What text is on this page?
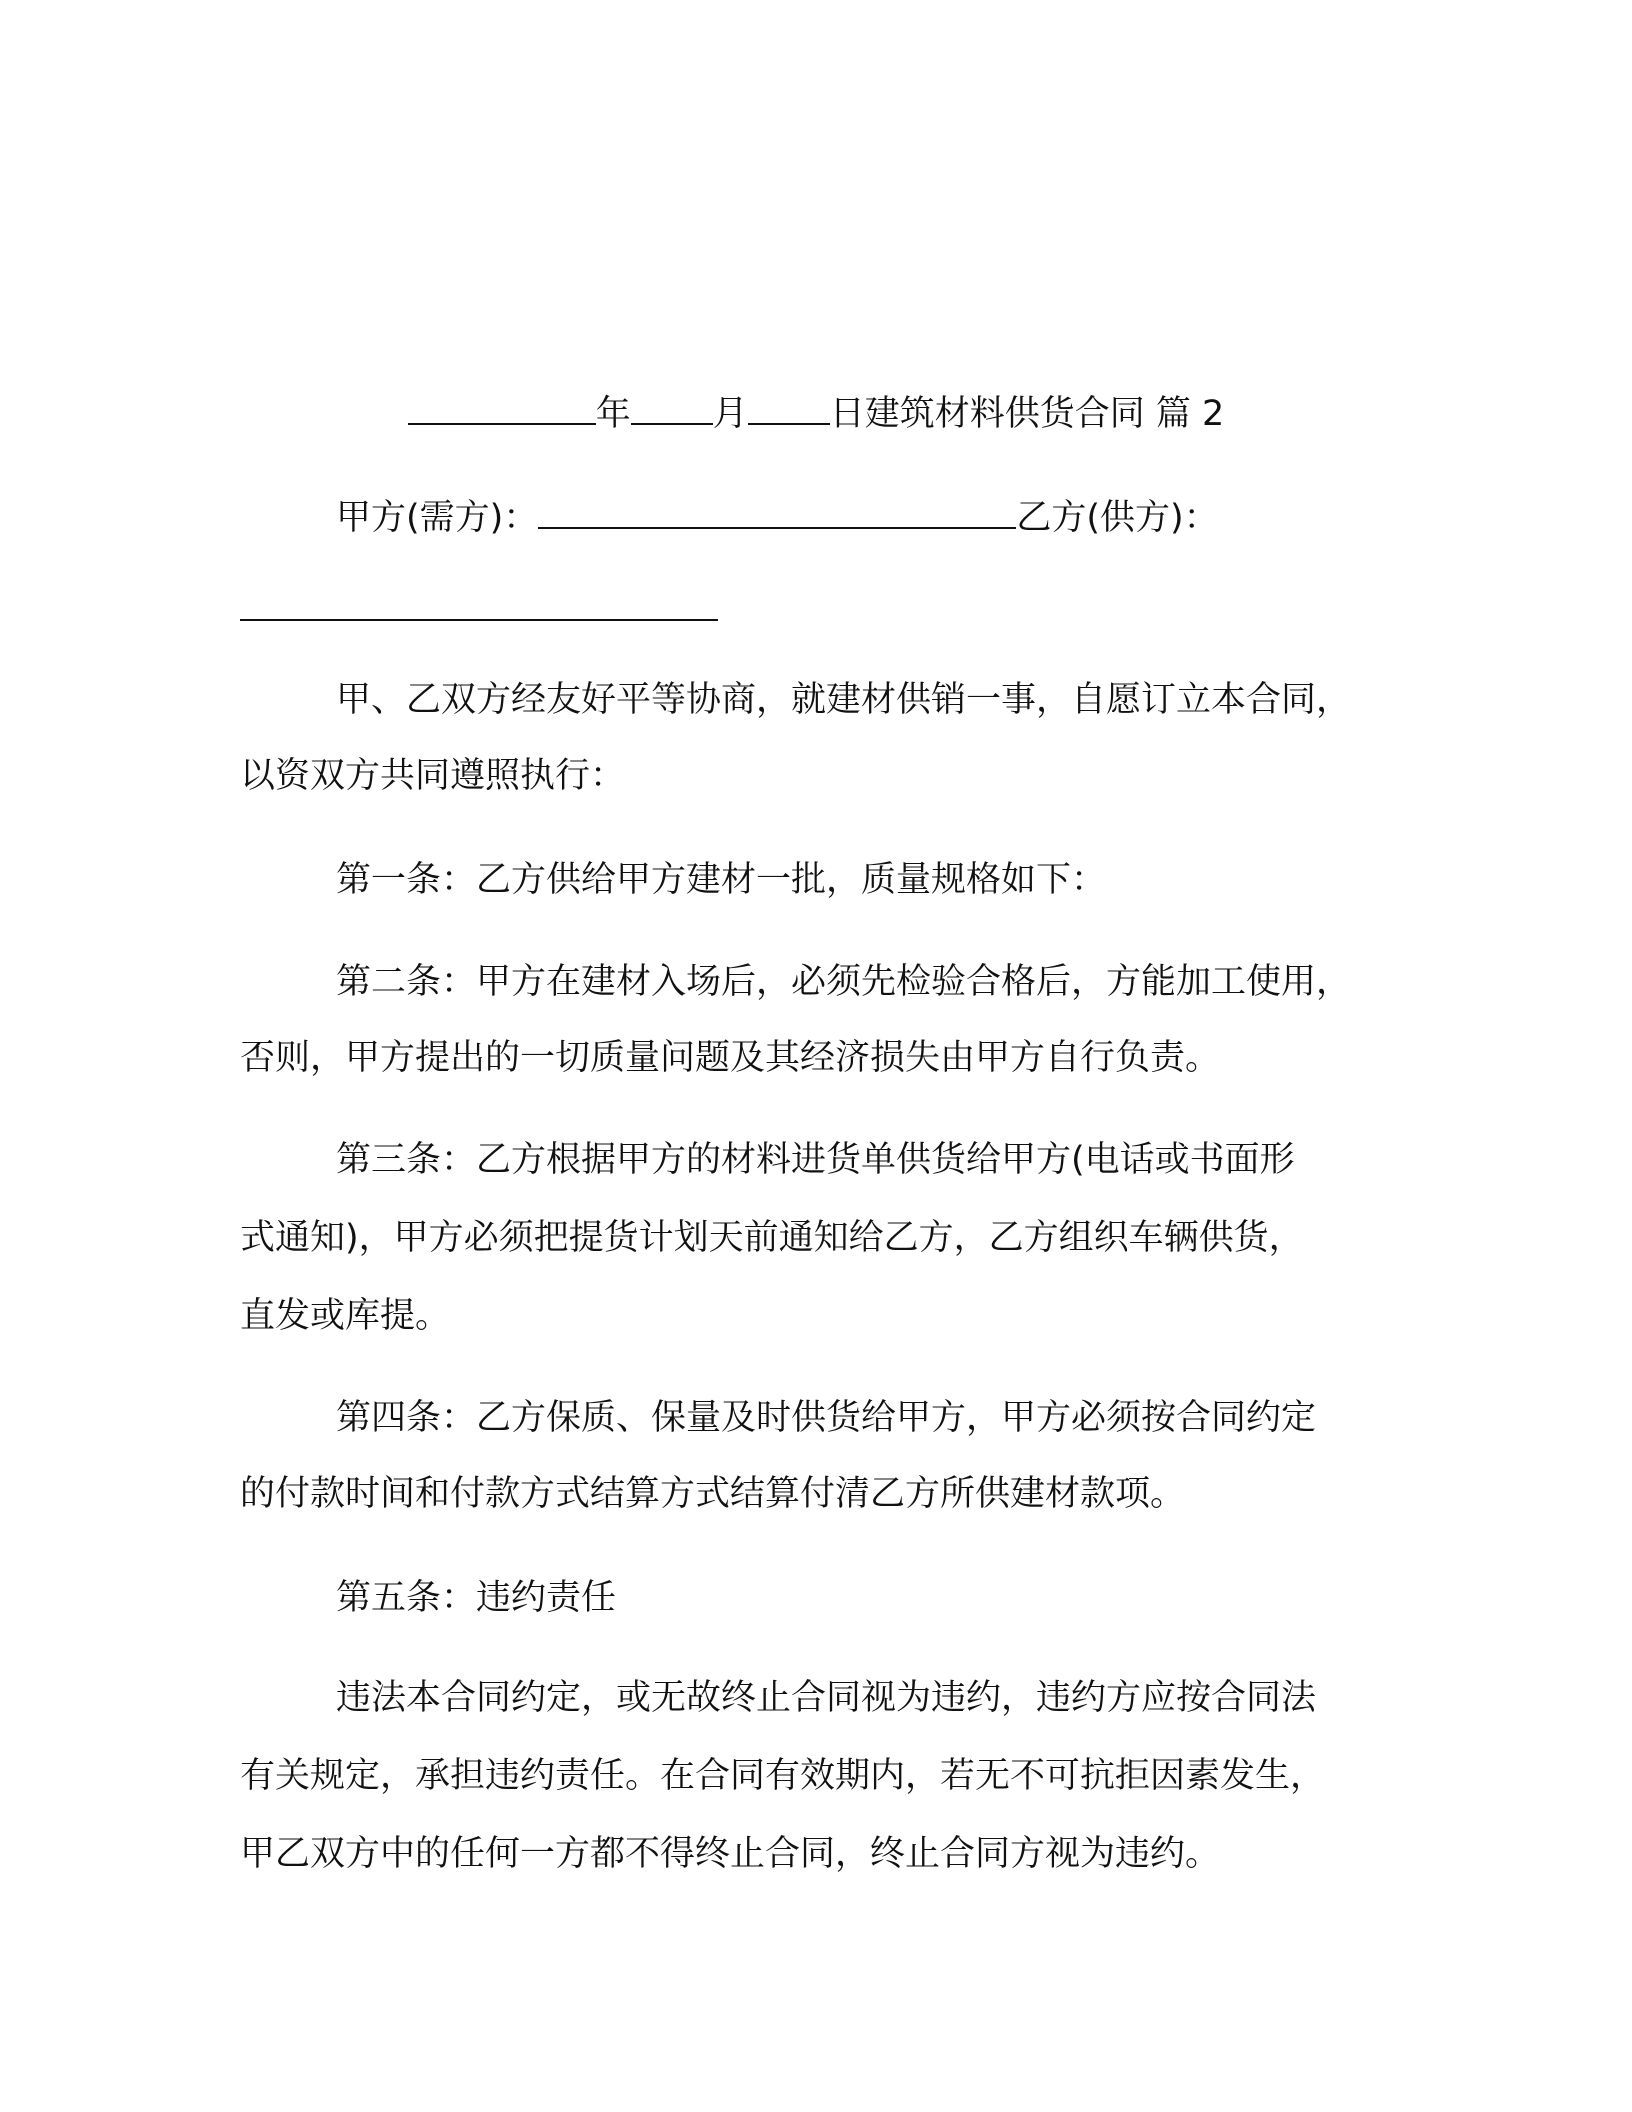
年 月 日建筑材料供货合同 篇 2
甲方(需方)：	乙方(供方)：
甲、乙双方经友好平等协商，就建材供销一事，自愿订立本合同，
以资双方共同遵照执行：
第一条：乙方供给甲方建材一批，质量规格如下：
第二条：甲方在建材入场后，必须先检验合格后，方能加工使用，
否则，甲方提出的一切质量问题及其经济损失由甲方自行负责。
第三条：乙方根据甲方的材料进货单供货给甲方(电话或书面形
式通知)，甲方必须把提货计划天前通知给乙方，乙方组织车辆供货，
直发或库提。
第四条：乙方保质、保量及时供货给甲方，甲方必须按合同约定
的付款时间和付款方式结算方式结算付清乙方所供建材款项。
第五条：违约责任
违法本合同约定，或无故终止合同视为违约，违约方应按合同法
有关规定，承担违约责任。在合同有效期内，若无不可抗拒因素发生，
甲乙双方中的任何一方都不得终止合同，终止合同方视为违约。
